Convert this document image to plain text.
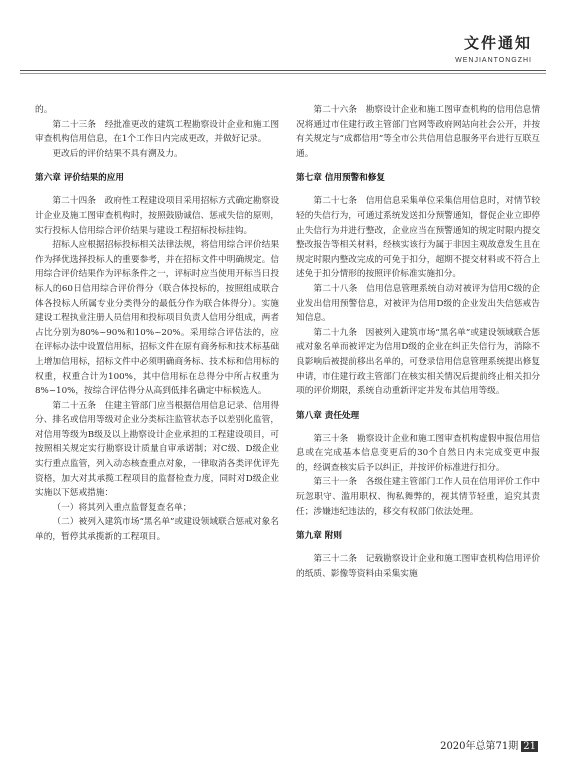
文件通知
WENJIANTONGZHI

的。

第二十三条　经批准更改的建筑工程勘察设计企业和施工图审查机构信用信息，在1个工作日内完成更改，并做好记录。

更改后的评价结果不具有溯及力。

第六章 评价结果的应用

第二十四条　政府性工程建设项目采用招标方式确定勘察设计企业及施工图审查机构时，按照鼓励诚信、惩戒失信的原则，实行投标人信用综合评价结果与建设工程招标投标挂钩。

招标人应根据招标投标相关法律法规，将信用综合评价结果作为择优选择投标人的重要参考，并在招标文件中明确规定。信用综合评价结果作为评标条件之一，评标时应当使用开标当日投标人的60日信用综合评价得分（联合体投标的，按照组成联合体各投标人所属专业分类得分的最低分作为联合体得分）。实施建设工程执业注册人员信用和投标项目负责人信用分组成，两者占比分别为80%~90%和10%~20%。采用综合评估法的，应在评标办法中设置信用标，招标文件在原有商务标和技术标基础上增加信用标，招标文件中必须明确商务标、技术标和信用标的权重，权重合计为100%，其中信用标在总得分中所占权重为8%~10%，按综合评估得分从高到低排名确定中标候选人。

第二十五条　住建主管部门应当根据信用信息记录、信用得分、排名或信用等级对企业分类标注监管状态予以差别化监管，对信用等级为B级及以上勘察设计企业承担的工程建设项目，可按照相关规定实行勘察设计质量自审承诺制；对C级、D级企业实行重点监管，列入动态核查重点对象，一律取消各类评优评先资格，加大对其承揽工程项目的监督检查力度，同时对D级企业实施以下惩戒措施：

（一）将其列入重点监督复查名单；

（二）被列入建筑市场“黑名单”或建设领域联合惩戒对象名单的，暂停其承揽新的工程项目。

第二十六条　勘察设计企业和施工图审查机构的信用信息情况将通过市住建行政主管部门官网等政府网站向社会公开，并按有关规定与“成都信用”等全市公共信用信息服务平台进行互联互通。

第七章 信用预警和修复

第二十七条　信用信息采集单位采集信用信息时，对情节较轻的失信行为，可通过系统发送扣分预警通知，督促企业立即停止失信行为并进行整改，企业应当在预警通知的规定时限内提交整改报告等相关材料，经核实该行为属于非因主观故意发生且在规定时限内整改完成的可免于扣分，超期不提交材料或不符合上述免于扣分情形的按照评价标准实施扣分。

第二十八条　信用信息管理系统自动对被评为信用C级的企业发出信用预警信息，对被评为信用D级的企业发出失信惩戒告知信息。

第二十九条　因被列入建筑市场“黑名单”或建设领域联合惩戒对象名单而被评定为信用D级的企业在纠正失信行为，消除不良影响后被提前移出名单的，可登录信用信息管理系统提出修复申请，市住建行政主管部门在核实相关情况后提前终止相关扣分项的评价期限，系统自动重新评定并发布其信用等级。

第八章 责任处理

第三十条　勘察设计企业和施工图审查机构虚假申报信用信息或在完成基本信息变更后的30个自然日内未完成变更申报的，经调查核实后予以纠正，并按评价标准进行扣分。

第三十一条　各级住建主管部门工作人员在信用评价工作中玩忽职守、滥用职权、徇私舞弊的，视其情节轻重，追究其责任；涉嫌违纪违法的，移交有权部门依法处理。

第九章 附则

第三十二条　记载勘察设计企业和施工图审查机构信用评价的纸质、影像等资料由采集实施

2020年总第71期 21
